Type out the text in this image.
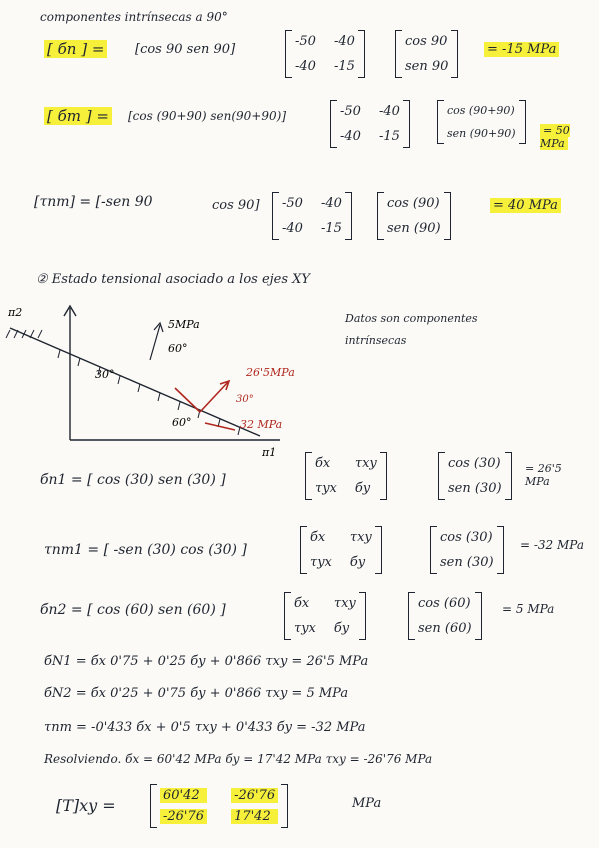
componentes intrínsecas a 90°
[ бn ] = [cos 90 sen 90]
-50 -40
-40 -15
cos 90
sen 90
= -15 MPa
[ бm ] = [cos (90+90) sen(90+90)]	-50 -40
-40 -15
cos (90+90)
sen (90+90) = 50 MPa
[τnm] = [-sen 90	cos 90] -50 -40
-40 -15
cos (90)
sen (90)
= 40 MPa
② Estado tensional asociado a los ejes XY
Datos son componentes
intrínsecas
π2
π1
5MPa
60°
30°
60°
26'5MPa
30°
32 MPa
бn1 = [ cos (30) sen (30) ]
бx	τxy
τyx бy
cos (30)
sen (30)
= 26'5 MPa
τnm1 = [ -sen (30) cos (30) ]
бx	τxy
τyx бy
cos (30)
sen (30)
= -32 MPa
бn2 = [ cos (60) sen (60) ]	бx	τxy
τyx бy
cos (60)
sen (60)
= 5 MPa
бN1 = бx 0'75 + 0'25 бy + 0'866 τxy = 26'5 MPa
бN2 = бx 0'25 + 0'75 бy + 0'866 τxy = 5 MPa
τnm = -0'433 бx + 0'5 τxy + 0'433 бy = -32 MPa
Resolviendo. бx = 60'42 MPa бy = 17'42 MPa τxy = -26'76 MPa
[T]xy =
60'42	-26'76
-26'76 17'42
MPa
